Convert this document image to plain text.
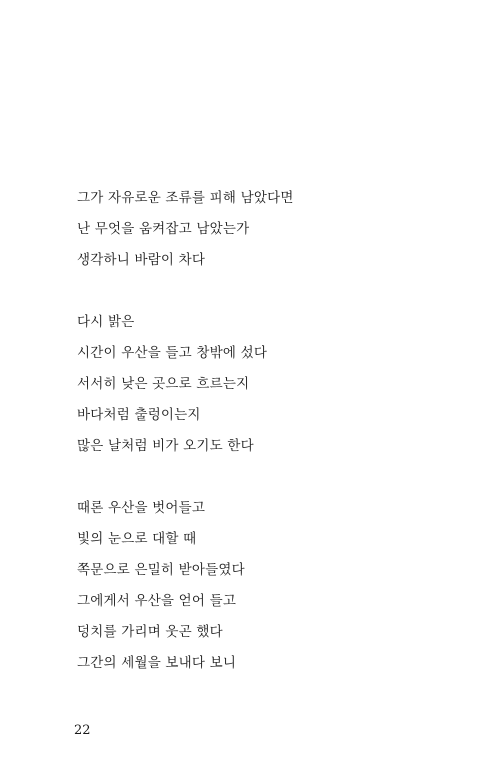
그가 자유로운 조류를 피해 남았다면
난 무엇을 움켜잡고 남았는가
생각하니 바람이 차다
다시 밝은
시간이 우산을 들고 창밖에 섰다
서서히 낮은 곳으로 흐르는지
바다처럼 출렁이는지
많은 날처럼 비가 오기도 한다
때론 우산을 벗어들고
빛의 눈으로 대할 때
쪽문으로 은밀히 받아들였다
그에게서 우산을 얻어 들고
덩치를 가리며 웃곤 했다
그간의 세월을 보내다 보니
22
